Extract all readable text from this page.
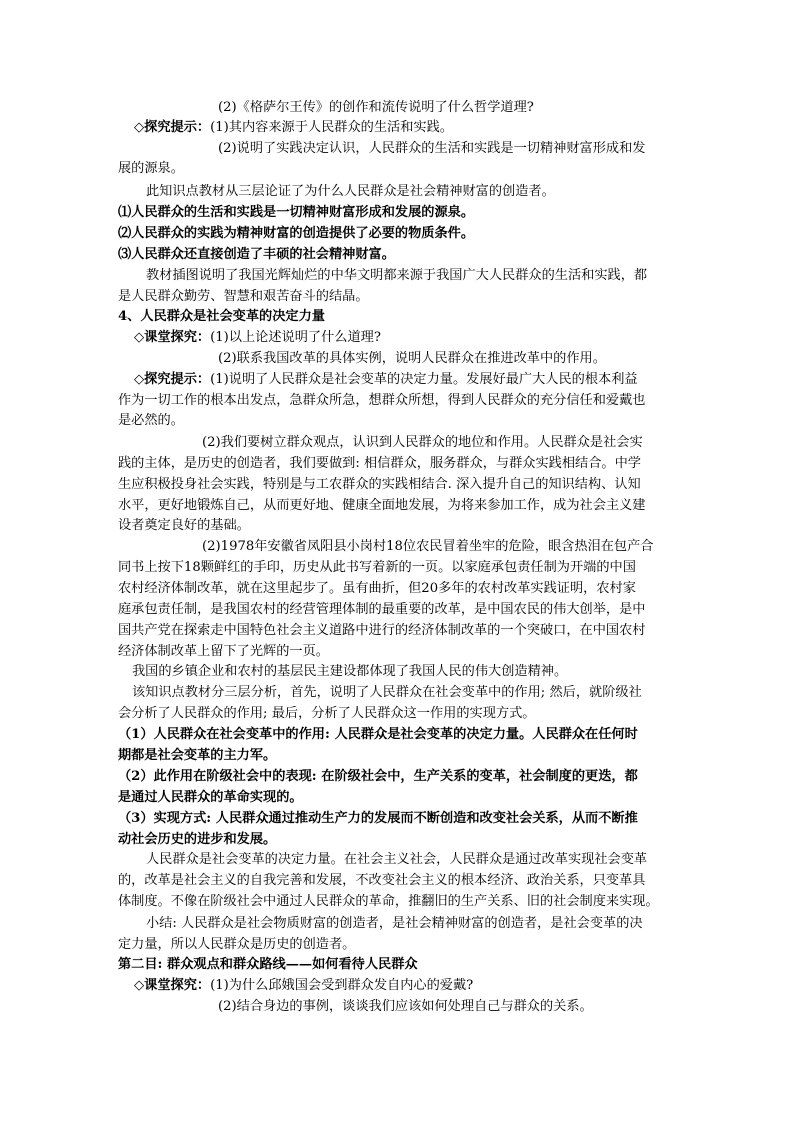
(2)《格萨尔王传》的创作和流传说明了什么哲学道理?
◇探究提示：(1)其内容来源于人民群众的生活和实践。
(2)说明了实践决定认识，人民群众的生活和实践是一切精神财富形成和发
展的源泉。
此知识点教材从三层论证了为什么人民群众是社会精神财富的创造者。
⑴人民群众的生活和实践是一切精神财富形成和发展的源泉。
⑵人民群众的实践为精神财富的创造提供了必要的物质条件。
⑶人民群众还直接创造了丰硕的社会精神财富。
教材插图说明了我国光辉灿烂的中华文明都来源于我国广大人民群众的生活和实践，都
是人民群众勤劳、智慧和艰苦奋斗的结晶。
4、人民群众是社会变革的决定力量
◇课堂探究：(1)以上论述说明了什么道理?
(2)联系我国改革的具体实例，说明人民群众在推进改革中的作用。
◇探究提示：(1)说明了人民群众是社会变革的决定力量。发展好最广大人民的根本利益
作为一切工作的根本出发点，急群众所急，想群众所想，得到人民群众的充分信任和爱戴也
是必然的。
(2)我们要树立群众观点，认识到人民群众的地位和作用。人民群众是社会实
践的主体，是历史的创造者，我们要做到: 相信群众，服务群众，与群众实践相结合。中学
生应积极投身社会实践，特别是与工农群众的实践相结合. 深入提升自己的知识结构、认知
水平，更好地锻炼自己，从而更好地、健康全面地发展，为将来参加工作，成为社会主义建
设者奠定良好的基础。
(2)1978年安徽省凤阳县小岗村18位农民冒着坐牢的危险，眼含热泪在包产合
同书上按下18颗鲜红的手印，历史从此书写着新的一页。以家庭承包责任制为开端的中国
农村经济体制改革，就在这里起步了。虽有曲折，但20多年的农村改革实践证明，农村家
庭承包责任制，是我国农村的经营管理体制的最重要的改革，是中国农民的伟大创举，是中
国共产党在探索走中国特色社会主义道路中进行的经济体制改革的一个突破口，在中国农村
经济体制改革上留下了光辉的一页。
我国的乡镇企业和农村的基层民主建设都体现了我国人民的伟大创造精神。
该知识点教材分三层分析，首先，说明了人民群众在社会变革中的作用; 然后，就阶级社
会分析了人民群众的作用; 最后，分析了人民群众这一作用的实现方式。
（1）人民群众在社会变革中的作用: 人民群众是社会变革的决定力量。人民群众在任何时
期都是社会变革的主力军。
（2）此作用在阶级社会中的表现: 在阶级社会中，生产关系的变革，社会制度的更迭，都
是通过人民群众的革命实现的。
（3）实现方式: 人民群众通过推动生产力的发展而不断创造和改变社会关系，从而不断推
动社会历史的进步和发展。
人民群众是社会变革的决定力量。在社会主义社会，人民群众是通过改革实现社会变革
的，改革是社会主义的自我完善和发展，不改变社会主义的根本经济、政治关系，只变革具
体制度。不像在阶级社会中通过人民群众的革命，推翻旧的生产关系、旧的社会制度来实现。
小结: 人民群众是社会物质财富的创造者，是社会精神财富的创造者，是社会变革的决
定力量，所以人民群众是历史的创造者。
第二目: 群众观点和群众路线——如何看待人民群众
◇课堂探究：(1)为什么邱娥国会受到群众发自内心的爱戴?
(2)结合身边的事例，谈谈我们应该如何处理自己与群众的关系。
